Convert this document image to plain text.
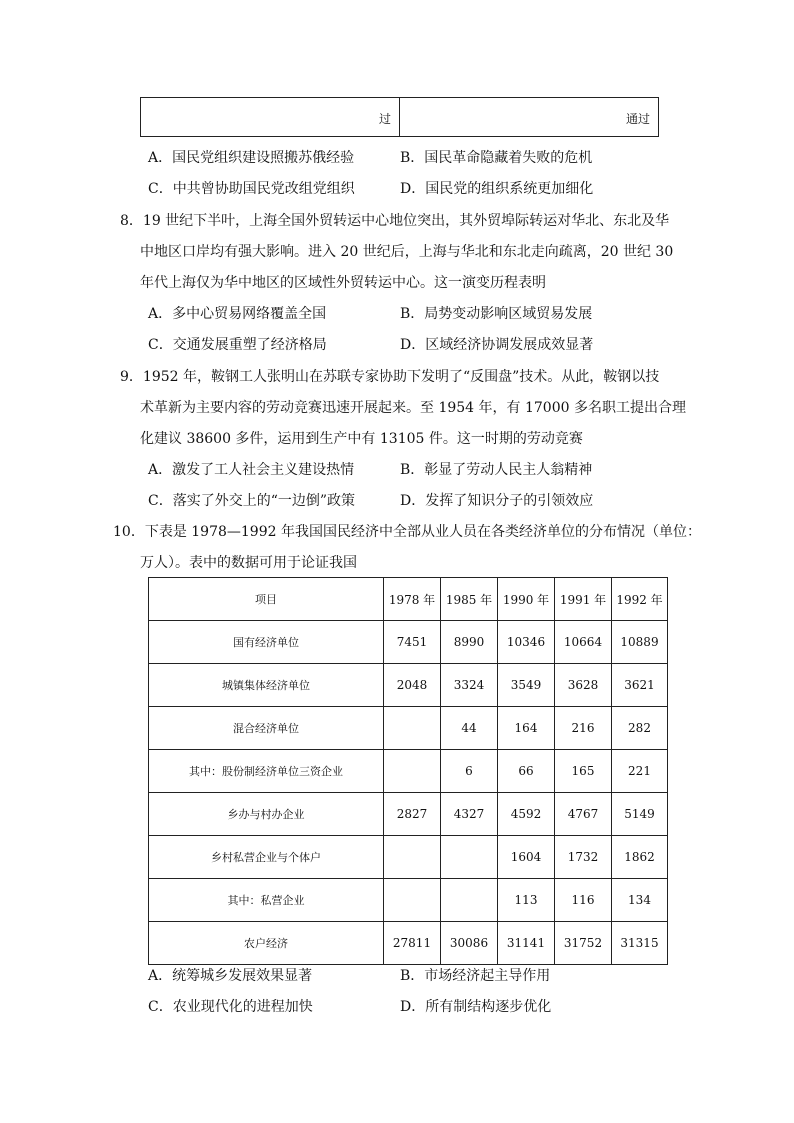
过	通过
A．国民党组织建设照搬苏俄经验	B．国民革命隐藏着失败的危机
C．中共曾协助国民党改组党组织	D．国民党的组织系统更加细化
8．19 世纪下半叶，上海全国外贸转运中心地位突出，其外贸埠际转运对华北、东北及华
中地区口岸均有强大影响。进入 20 世纪后，上海与华北和东北走向疏离，20 世纪 30
年代上海仅为华中地区的区域性外贸转运中心。这一演变历程表明
A．多中心贸易网络覆盖全国	B．局势变动影响区域贸易发展
C．交通发展重塑了经济格局	D．区域经济协调发展成效显著
9．1952 年，鞍钢工人张明山在苏联专家协助下发明了“反围盘”技术。从此，鞍钢以技
术革新为主要内容的劳动竞赛迅速开展起来。至 1954 年，有 17000 多名职工提出合理
化建议 38600 多件，运用到生产中有 13105 件。这一时期的劳动竞赛
A．激发了工人社会主义建设热情	B．彰显了劳动人民主人翁精神
C．落实了外交上的“一边倒”政策	D．发挥了知识分子的引领效应
10．下表是 1978—1992 年我国国民经济中全部从业人员在各类经济单位的分布情况（单位：
万人）。表中的数据可用于论证我国
项目	1978 年	1985 年	1990 年	1991 年	1992 年
国有经济单位	7451	8990	10346	10664	10889
城镇集体经济单位	2048	3324	3549	3628	3621
混合经济单位		44	164	216	282
其中：股份制经济单位三资企业		6	66	165	221
乡办与村办企业	2827	4327	4592	4767	5149
乡村私营企业与个体户			1604	1732	1862
其中：私营企业			113	116	134
农户经济	27811	30086	31141	31752	31315
A．统筹城乡发展效果显著	B．市场经济起主导作用
C．农业现代化的进程加快	D．所有制结构逐步优化
